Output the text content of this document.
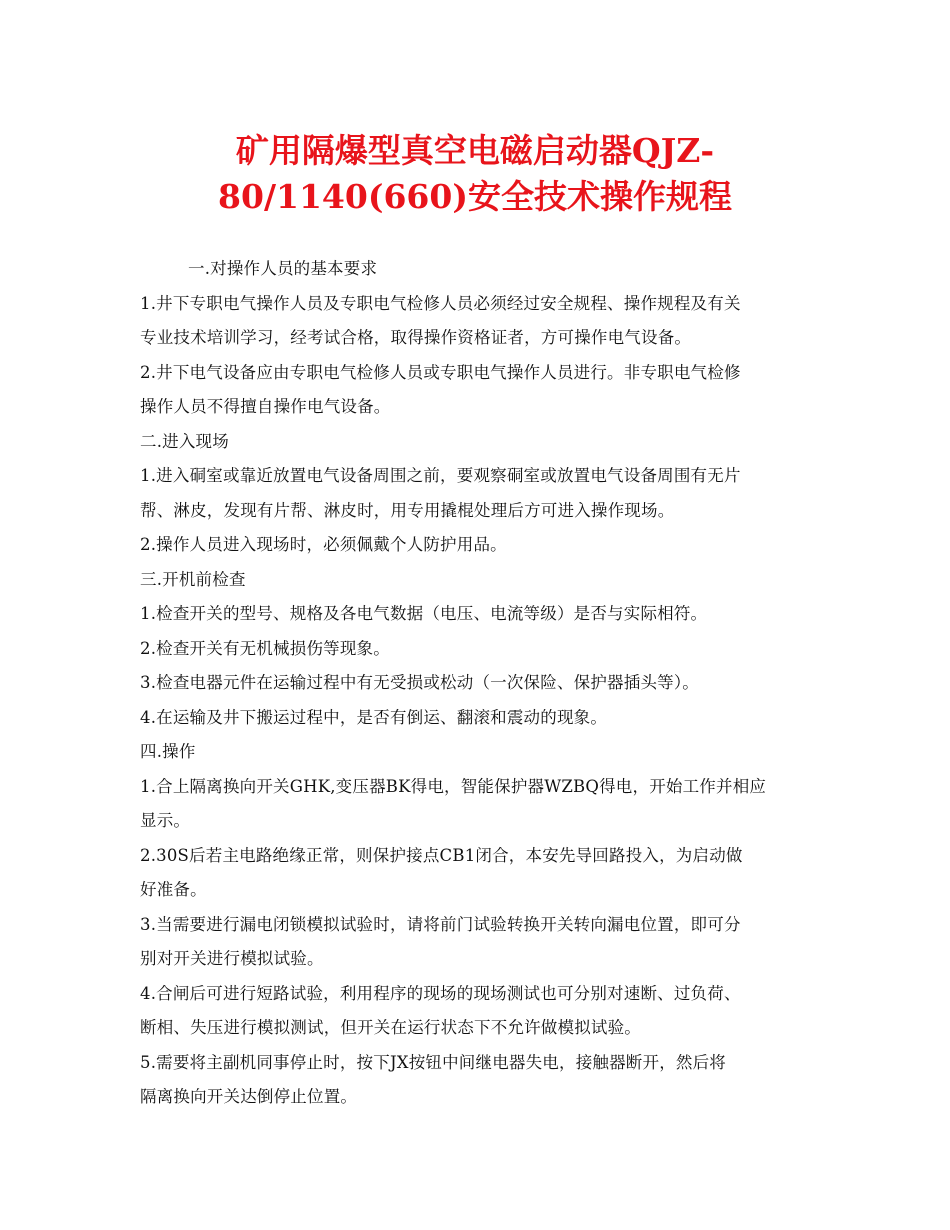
矿用隔爆型真空电磁启动器QJZ-
80/1140(660)安全技术操作规程
一.对操作人员的基本要求
1.井下专职电气操作人员及专职电气检修人员必须经过安全规程、操作规程及有关
专业技术培训学习，经考试合格，取得操作资格证者，方可操作电气设备。
2.井下电气设备应由专职电气检修人员或专职电气操作人员进行。非专职电气检修
操作人员不得擅自操作电气设备。
二.进入现场
1.进入硐室或靠近放置电气设备周围之前，要观察硐室或放置电气设备周围有无片
帮、淋皮，发现有片帮、淋皮时，用专用撬棍处理后方可进入操作现场。
2.操作人员进入现场时，必须佩戴个人防护用品。
三.开机前检查
1.检查开关的型号、规格及各电气数据（电压、电流等级）是否与实际相符。
2.检查开关有无机械损伤等现象。
3.检查电器元件在运输过程中有无受损或松动（一次保险、保护器插头等）。
4.在运输及井下搬运过程中，是否有倒运、翻滚和震动的现象。
四.操作
1.合上隔离换向开关GHK,变压器BK得电，智能保护器WZBQ得电，开始工作并相应
显示。
2.30S后若主电路绝缘正常，则保护接点CB1闭合，本安先导回路投入，为启动做
好准备。
3.当需要进行漏电闭锁模拟试验时，请将前门试验转换开关转向漏电位置，即可分
别对开关进行模拟试验。
4.合闸后可进行短路试验，利用程序的现场的现场测试也可分别对速断、过负荷、
断相、失压进行模拟测试，但开关在运行状态下不允许做模拟试验。
5.需要将主副机同事停止时，按下JX按钮中间继电器失电，接触器断开，然后将
隔离换向开关达倒停止位置。
